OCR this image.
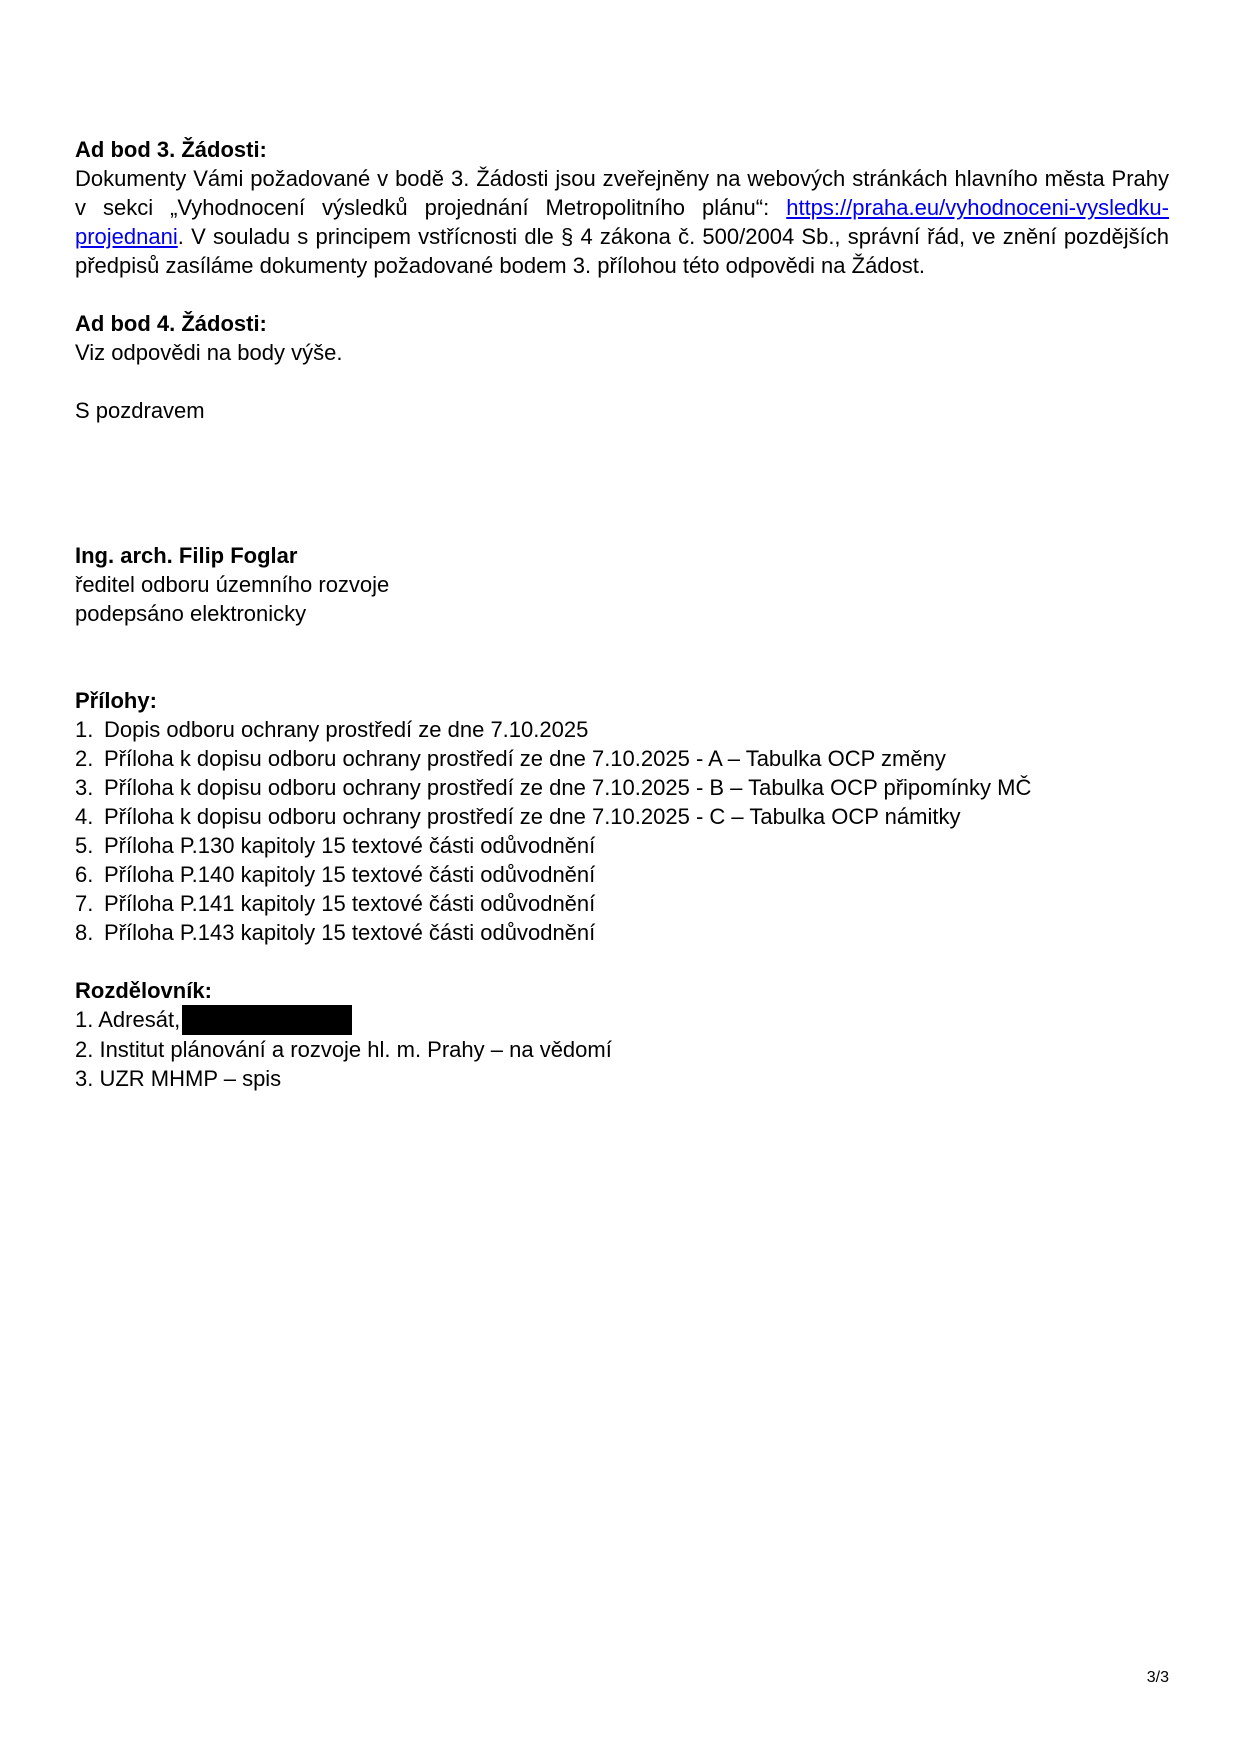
Ad bod 3. Žádosti:

Dokumenty Vámi požadované v bodě 3. Žádosti jsou zveřejněny na webových stránkách hlavního města Prahy v sekci „Vyhodnocení výsledků projednání Metropolitního plánu“: https://praha.eu/vyhodnoceni-vysledku-projednani. V souladu s principem vstřícnosti dle § 4 zákona č. 500/2004 Sb., správní řád, ve znění pozdějších předpisů zasíláme dokumenty požadované bodem 3. přílohou této odpovědi na Žádost.

Ad bod 4. Žádosti:

Viz odpovědi na body výše.

S pozdravem

Ing. arch. Filip Foglar

ředitel odboru územního rozvoje

podepsáno elektronicky

Přílohy:

1. Dopis odboru ochrany prostředí ze dne 7.10.2025
2. Příloha k dopisu odboru ochrany prostředí ze dne 7.10.2025 - A – Tabulka OCP změny
3. Příloha k dopisu odboru ochrany prostředí ze dne 7.10.2025 - B – Tabulka OCP připomínky MČ
4. Příloha k dopisu odboru ochrany prostředí ze dne 7.10.2025 - C – Tabulka OCP námitky
5. Příloha P.130 kapitoly 15 textové části odůvodnění
6. Příloha P.140 kapitoly 15 textové části odůvodnění
7. Příloha P.141 kapitoly 15 textové části odůvodnění
8. Příloha P.143 kapitoly 15 textové části odůvodnění

Rozdělovník:

1. Adresát,

2. Institut plánování a rozvoje hl. m. Prahy – na vědomí

3. UZR MHMP – spis

3/3
